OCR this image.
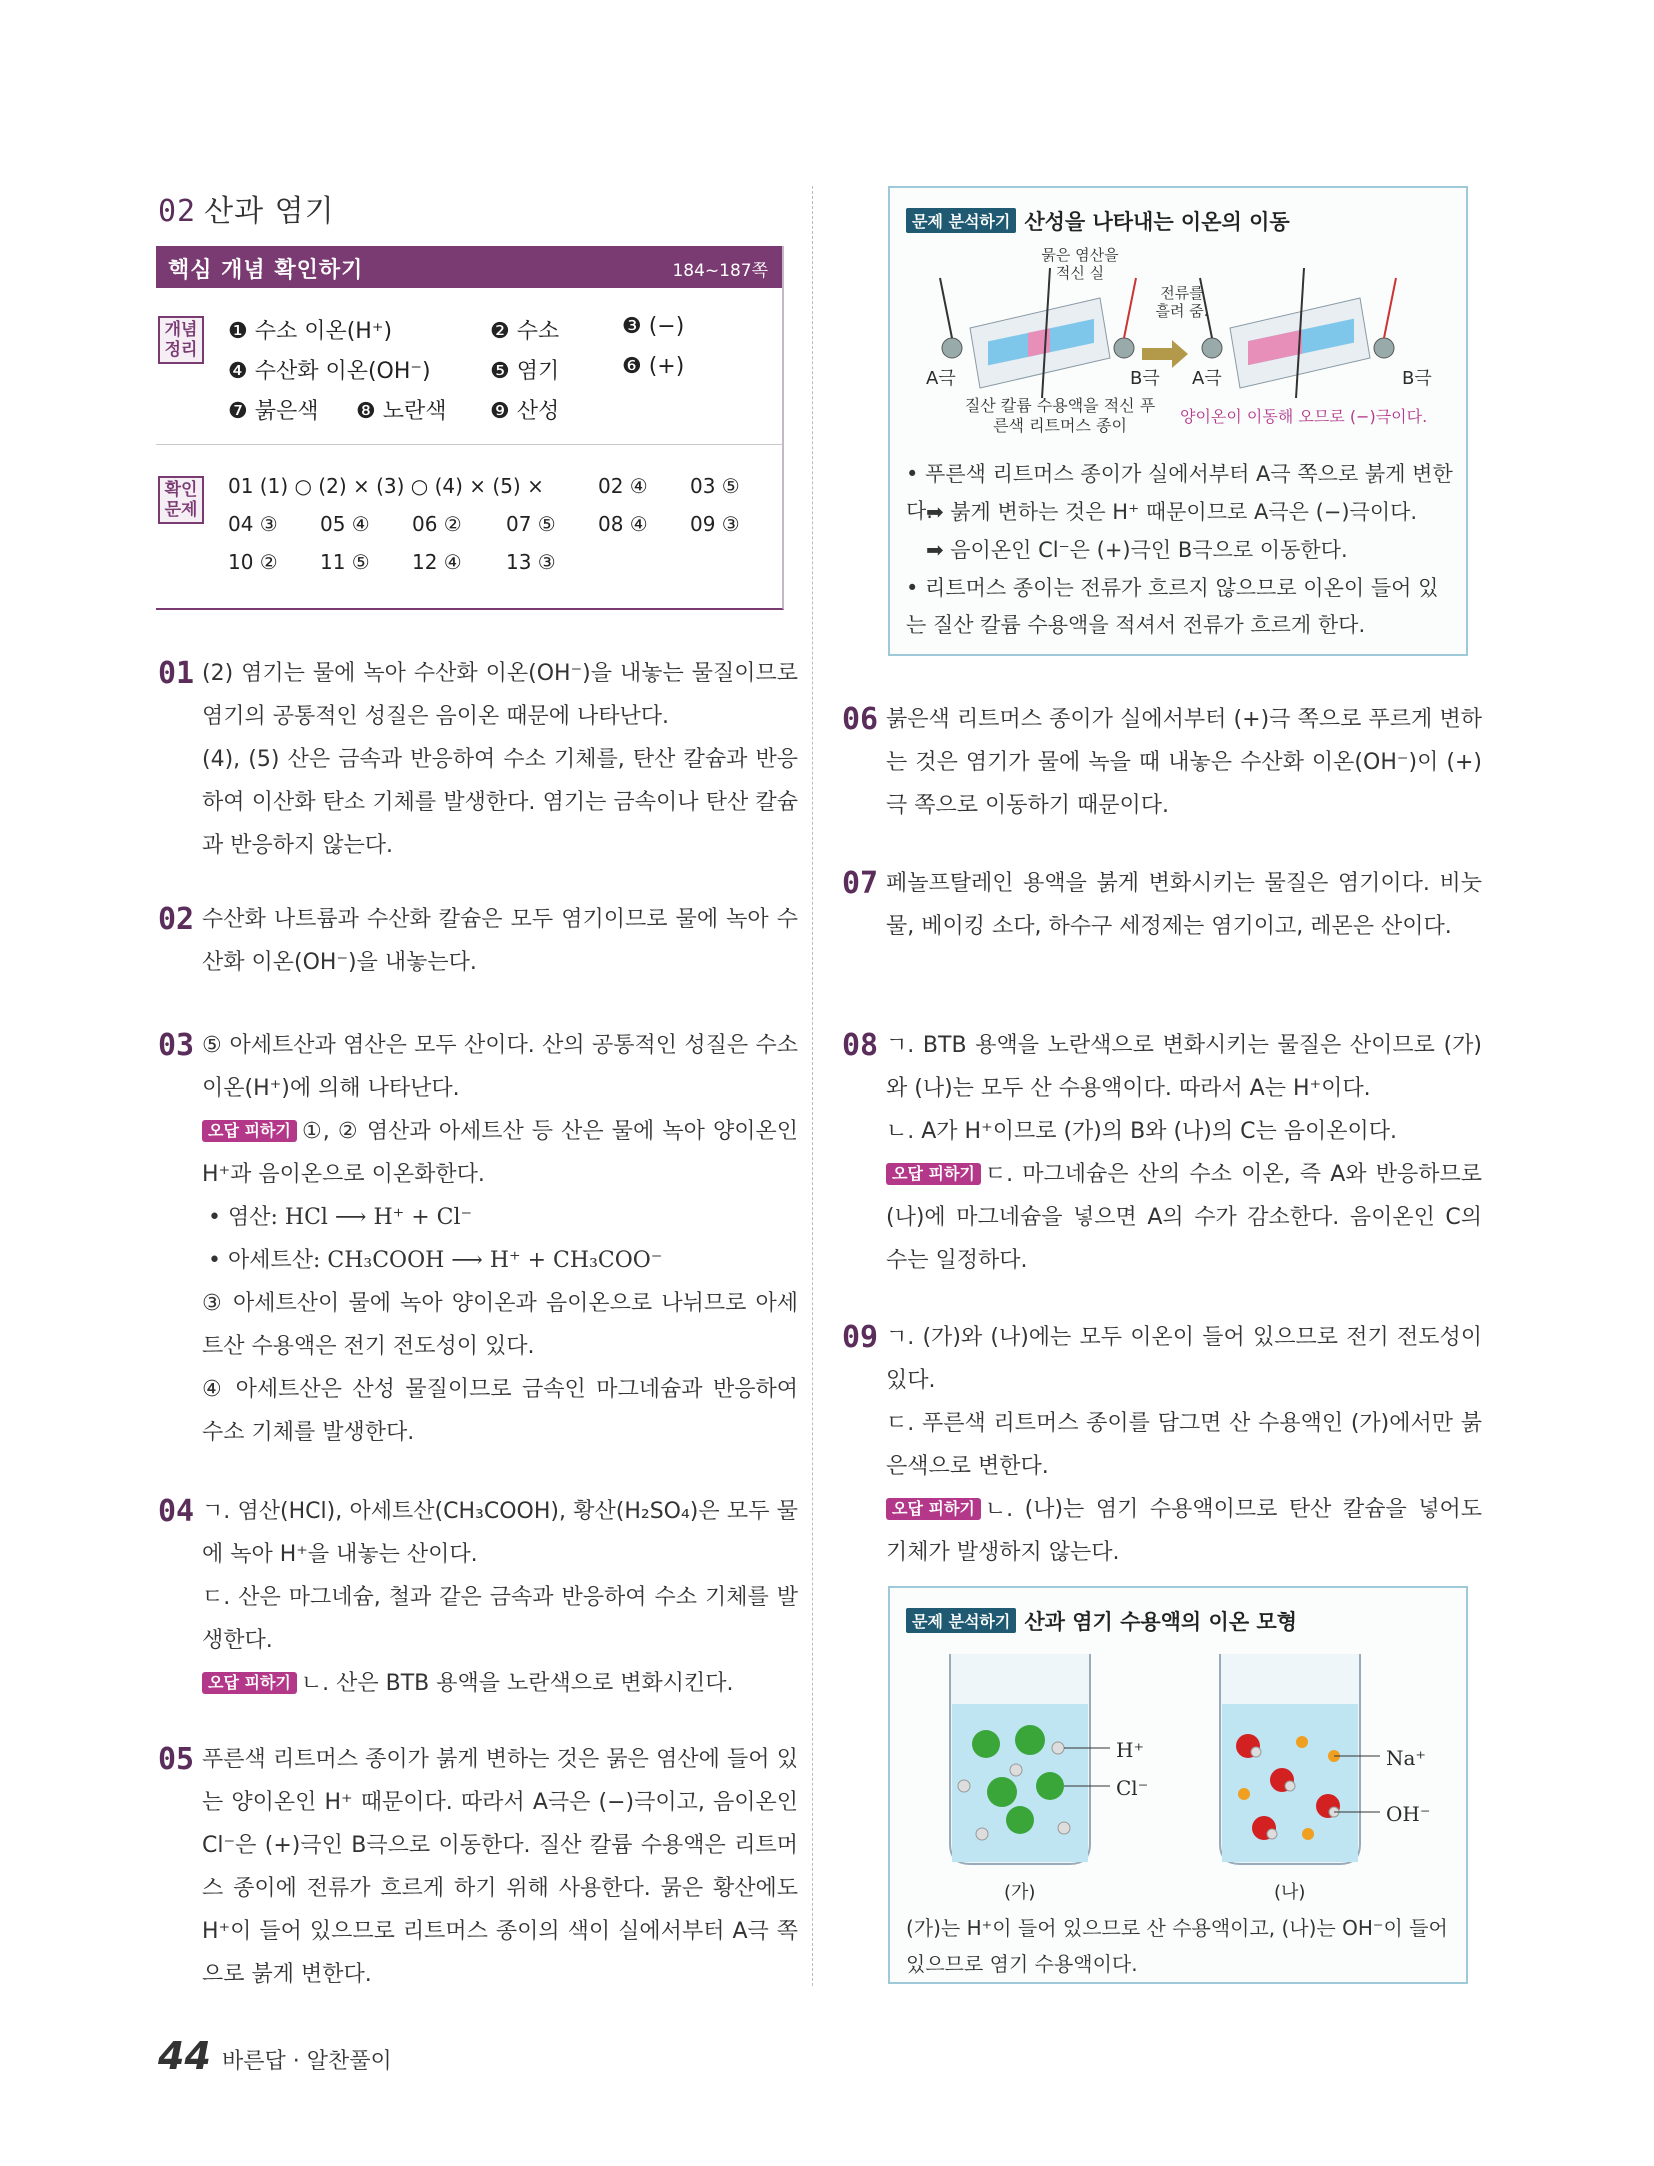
02 산과 염기
핵심 개념 확인하기	184~187쪽
개념 정리
❶ 수소 이온(H⁺)	❷ 수소	❸ (−)
❹ 수산화 이온(OH⁻)	❺ 염기	❻ (+)
❼ 붉은색 ❽ 노란색 ❾ 산성
확인 문제
01 (1) ○ (2) × (3) ○ (4) × (5) ×	02 ④ 03 ⑤
04 ③ 05 ④ 06 ② 07 ⑤ 08 ④ 09 ③
10 ② 11 ⑤ 12 ④ 13 ③
01 (2) 염기는 물에 녹아 수산화 이온(OH⁻)을 내놓는 물질이므로 염기의 공통적인 성질은 음이온 때문에 나타난다.
(4), (5) 산은 금속과 반응하여 수소 기체를, 탄산 칼슘과 반응하여 이산화 탄소 기체를 발생한다. 염기는 금속이나 탄산 칼슘과 반응하지 않는다.
02 수산화 나트륨과 수산화 칼슘은 모두 염기이므로 물에 녹아 수산화 이온(OH⁻)을 내놓는다.
03 ⑤ 아세트산과 염산은 모두 산이다. 산의 공통적인 성질은 수소 이온(H⁺)에 의해 나타난다.
오답 피하기 ①, ② 염산과 아세트산 등 산은 물에 녹아 양이온인 H⁺과 음이온으로 이온화한다.
• 염산: HCl ⟶ H⁺ + Cl⁻
• 아세트산: CH₃COOH ⟶ H⁺ + CH₃COO⁻
③ 아세트산이 물에 녹아 양이온과 음이온으로 나뉘므로 아세트산 수용액은 전기 전도성이 있다.
④ 아세트산은 산성 물질이므로 금속인 마그네슘과 반응하여 수소 기체를 발생한다.
04 ㄱ. 염산(HCl), 아세트산(CH₃COOH), 황산(H₂SO₄)은 모두 물에 녹아 H⁺을 내놓는 산이다.
ㄷ. 산은 마그네슘, 철과 같은 금속과 반응하여 수소 기체를 발생한다.
오답 피하기 ㄴ. 산은 BTB 용액을 노란색으로 변화시킨다.
05 푸른색 리트머스 종이가 붉게 변하는 것은 묽은 염산에 들어 있는 양이온인 H⁺ 때문이다. 따라서 A극은 (−)극이고, 음이온인 Cl⁻은 (+)극인 B극으로 이동한다. 질산 칼륨 수용액은 리트머스 종이에 전류가 흐르게 하기 위해 사용한다. 묽은 황산에도 H⁺이 들어 있으므로 리트머스 종이의 색이 실에서부터 A극 쪽으로 붉게 변한다.
문제 분석하기 산성을 나타내는 이온의 이동
묽은 염산을 적신 실
전류를 흘려 줌.
A극	B극 A극	B극
질산 칼륨 수용액을 적신 푸른색 리트머스 종이	양이온이 이동해 오므로 (−)극이다.
• 푸른색 리트머스 종이가 실에서부터 A극 쪽으로 붉게 변한다.
➡ 붉게 변하는 것은 H⁺ 때문이므로 A극은 (−)극이다.
➡ 음이온인 Cl⁻은 (+)극인 B극으로 이동한다.
• 리트머스 종이는 전류가 흐르지 않으므로 이온이 들어 있는 질산 칼륨 수용액을 적셔서 전류가 흐르게 한다.
06 붉은색 리트머스 종이가 실에서부터 (+)극 쪽으로 푸르게 변하는 것은 염기가 물에 녹을 때 내놓은 수산화 이온(OH⁻)이 (+)극 쪽으로 이동하기 때문이다.
07 페놀프탈레인 용액을 붉게 변화시키는 물질은 염기이다. 비눗물, 베이킹 소다, 하수구 세정제는 염기이고, 레몬은 산이다.
08 ㄱ. BTB 용액을 노란색으로 변화시키는 물질은 산이므로 (가)와 (나)는 모두 산 수용액이다. 따라서 A는 H⁺이다.
ㄴ. A가 H⁺이므로 (가)의 B와 (나)의 C는 음이온이다.
오답 피하기 ㄷ. 마그네슘은 산의 수소 이온, 즉 A와 반응하므로 (나)에 마그네슘을 넣으면 A의 수가 감소한다. 음이온인 C의 수는 일정하다.
09 ㄱ. (가)와 (나)에는 모두 이온이 들어 있으므로 전기 전도성이 있다.
ㄷ. 푸른색 리트머스 종이를 담그면 산 수용액인 (가)에서만 붉은색으로 변한다.
오답 피하기 ㄴ. (나)는 염기 수용액이므로 탄산 칼슘을 넣어도 기체가 발생하지 않는다.
문제 분석하기 산과 염기 수용액의 이온 모형
H⁺
Cl⁻
Na⁺
OH⁻
(가)	(나)
(가)는 H⁺이 들어 있으므로 산 수용액이고, (나)는 OH⁻이 들어 있으므로 염기 수용액이다.
44 바른답 · 알찬풀이
